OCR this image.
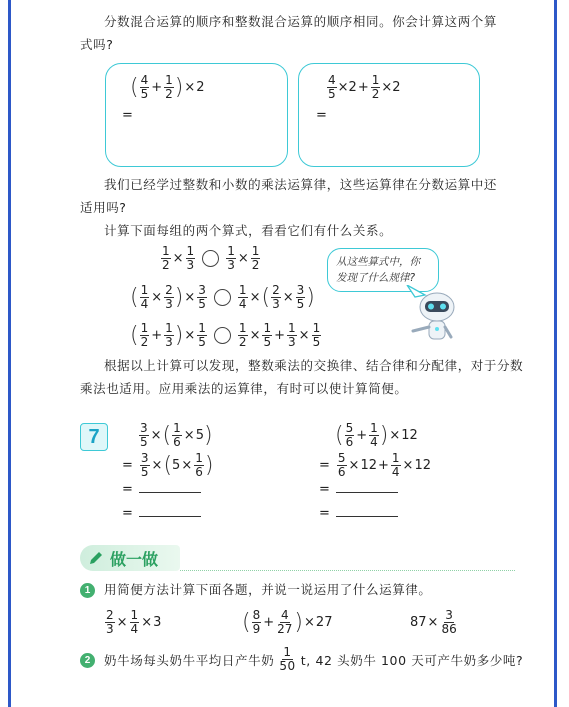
分数混合运算的顺序和整数混合运算的顺序相同。你会计算这两个算
式吗?
( $\frac{4}{5} + \frac{1}{2}$ ) × 2
=
$\frac{4}{5} \times 2 + \frac{1}{2} \times 2$
=
我们已经学过整数和小数的乘法运算律，这些运算律在分数运算中还
适用吗?
计算下面每组的两个算式，看看它们有什么关系。
$\frac{1}{2} \times \frac{1}{3}$	$\frac{1}{3} \times \frac{1}{2}$
( $\frac{1}{4} \times \frac{2}{3}$ ) × $\frac{3}{5}$	$\frac{1}{4}$ × ( $\frac{2}{3} \times \frac{3}{5}$ )
( $\frac{1}{2} + \frac{1}{3}$ ) × $\frac{1}{5}$	$\frac{1}{2} \times \frac{1}{5} + \frac{1}{3} \times \frac{1}{5}$
从这些算式中，你
发现了什么规律?
根据以上计算可以发现，整数乘法的交换律、结合律和分配律，对于分数
乘法也适用。应用乘法的运算律，有时可以使计算简便。
7	$\frac{3}{5}$ × ( $\frac{1}{6} \times 5$ )
= $\frac{3}{5}$ × ( $5 \times \frac{1}{6}$ )
=
=
( $\frac{5}{6} + \frac{1}{4}$ ) × 12
= $\frac{5}{6} \times 12 + \frac{1}{4} \times 12$
=
=
做一做
1	用简便方法计算下面各题，并说一说运用了什么运算律。
$\frac{2}{3} \times \frac{1}{4} \times 3$	( $\frac{8}{9} + \frac{4}{27}$ ) × 27	$87 \times \frac{3}{86}$
2	奶牛场每头奶牛平均日产牛奶 $\frac{1}{50} t$, 42 头奶牛 100 天可产牛奶多少吨?
